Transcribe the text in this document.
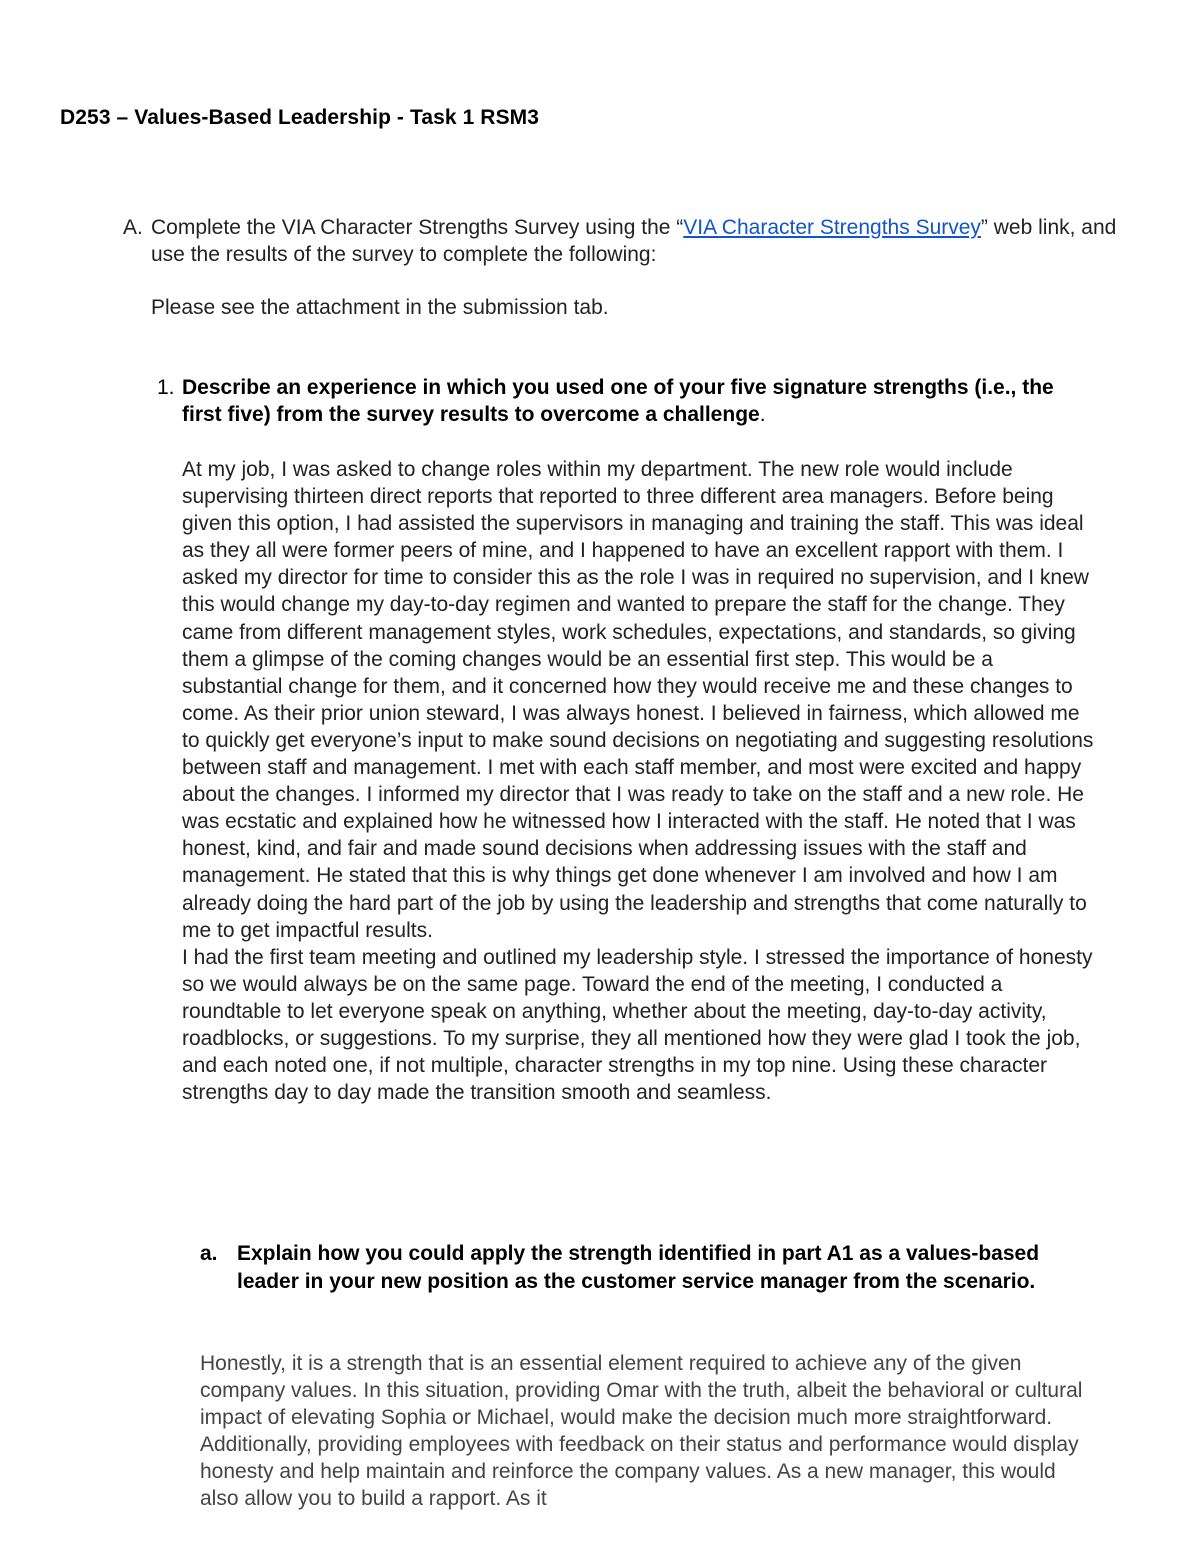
D253 – Values-Based Leadership - Task 1 RSM3
A. Complete the VIA Character Strengths Survey using the “VIA Character Strengths Survey” web link, and use the results of the survey to complete the following:
Please see the attachment in the submission tab.
1. Describe an experience in which you used one of your five signature strengths (i.e., the first five) from the survey results to overcome a challenge.

At my job, I was asked to change roles within my department. The new role would include supervising thirteen direct reports that reported to three different area managers. Before being given this option, I had assisted the supervisors in managing and training the staff. This was ideal as they all were former peers of mine, and I happened to have an excellent rapport with them. I asked my director for time to consider this as the role I was in required no supervision, and I knew this would change my day-to-day regimen and wanted to prepare the staff for the change. They came from different management styles, work schedules, expectations, and standards, so giving them a glimpse of the coming changes would be an essential first step. This would be a substantial change for them, and it concerned how they would receive me and these changes to come. As their prior union steward, I was always honest. I believed in fairness, which allowed me to quickly get everyone’s input to make sound decisions on negotiating and suggesting resolutions between staff and management. I met with each staff member, and most were excited and happy about the changes. I informed my director that I was ready to take on the staff and a new role. He was ecstatic and explained how he witnessed how I interacted with the staff. He noted that I was honest, kind, and fair and made sound decisions when addressing issues with the staff and management. He stated that this is why things get done whenever I am involved and how I am already doing the hard part of the job by using the leadership and strengths that come naturally to me to get impactful results.

I had the first team meeting and outlined my leadership style. I stressed the importance of honesty so we would always be on the same page. Toward the end of the meeting, I conducted a roundtable to let everyone speak on anything, whether about the meeting, day-to-day activity, roadblocks, or suggestions. To my surprise, they all mentioned how they were glad I took the job, and each noted one, if not multiple, character strengths in my top nine. Using these character strengths day to day made the transition smooth and seamless.

a. Explain how you could apply the strength identified in part A1 as a values-based leader in your new position as the customer service manager from the scenario.
Honestly, it is a strength that is an essential element required to achieve any of the given company values. In this situation, providing Omar with the truth, albeit the behavioral or cultural impact of elevating Sophia or Michael, would make the decision much more straightforward. Additionally, providing employees with feedback on their status and performance would display honesty and help maintain and reinforce the company values. As a new manager, this would also allow you to build a rapport. As it
